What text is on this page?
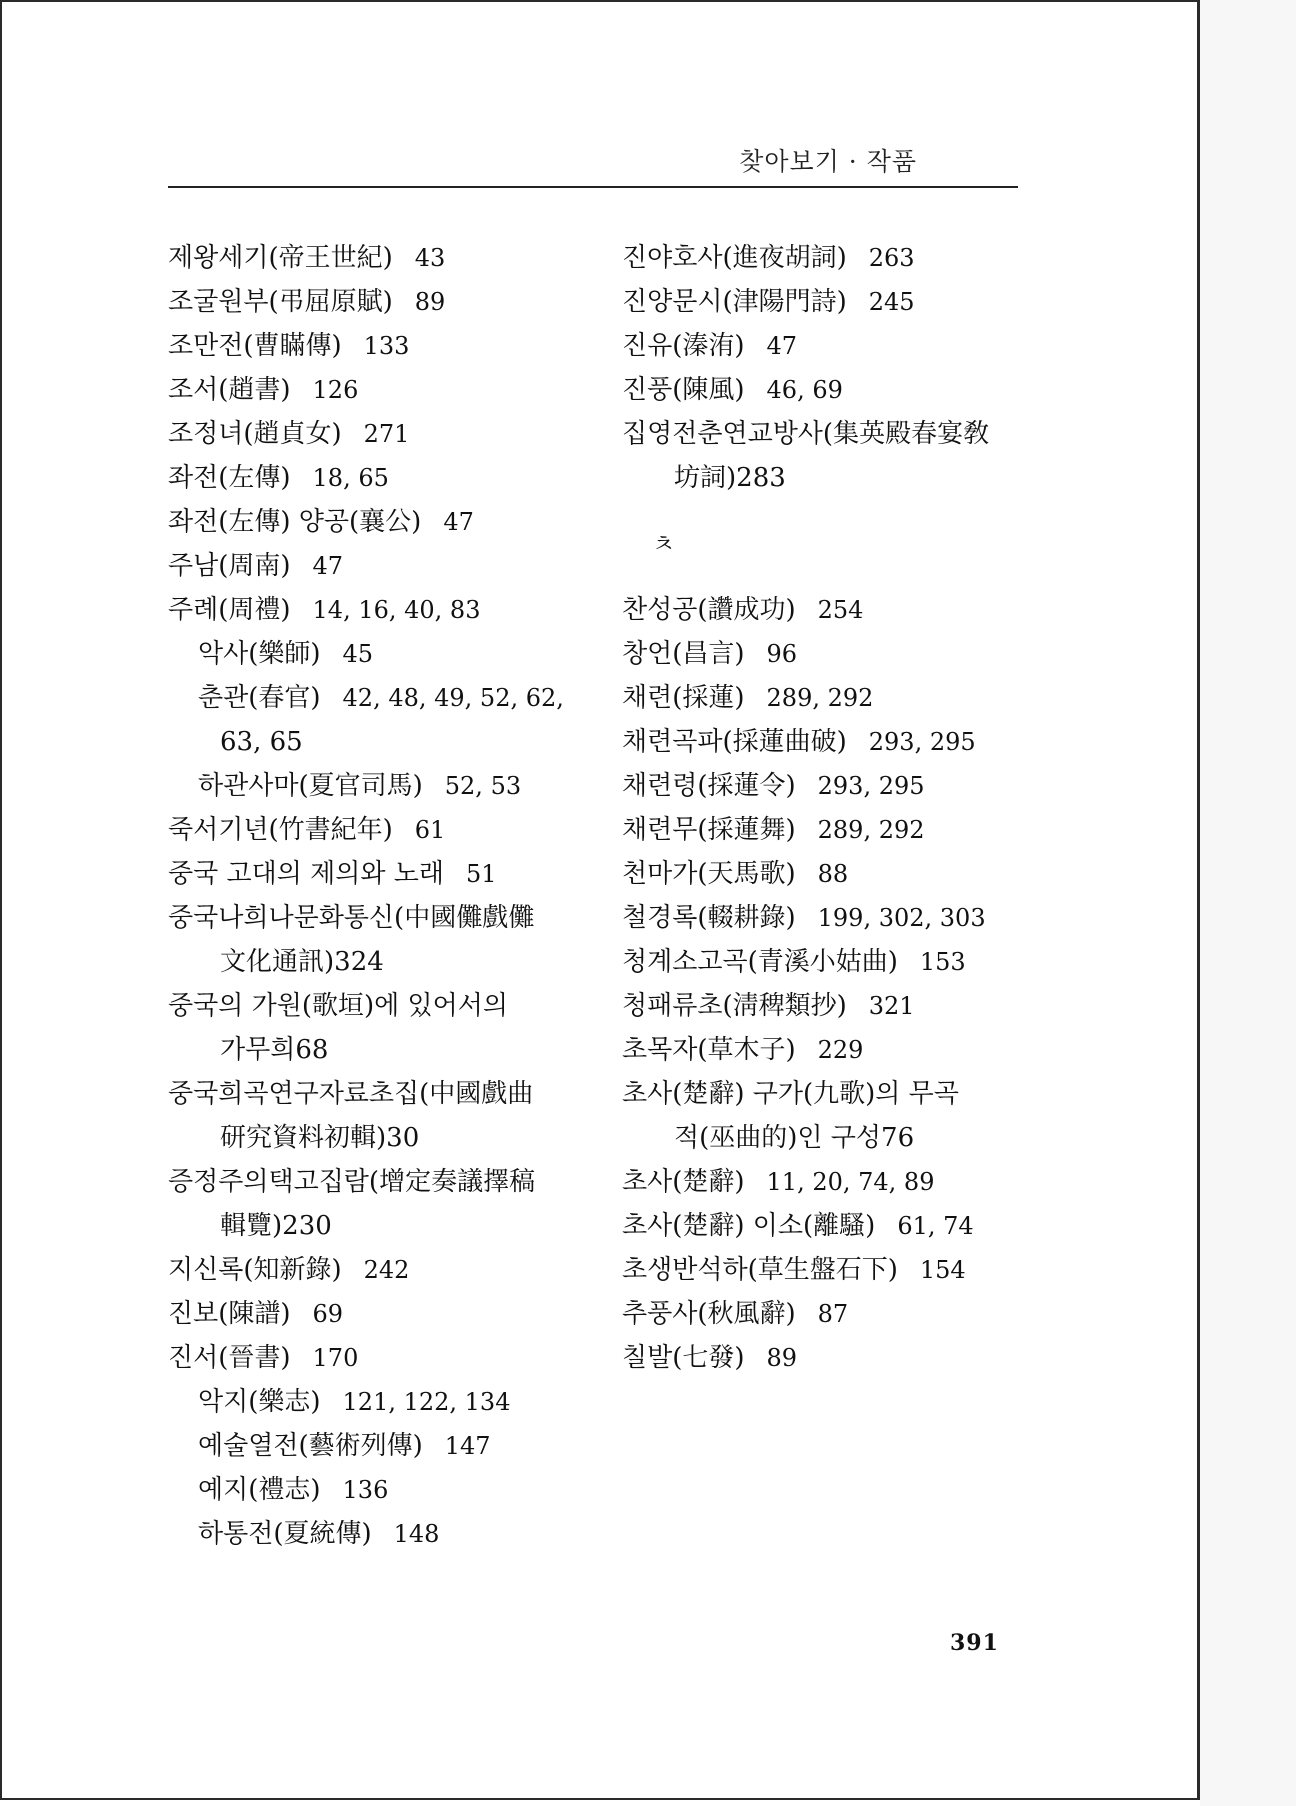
찾아보기 · 작품
제왕세기(帝王世紀) 43
조굴원부(弔屈原賦) 89
조만전(曹瞞傳) 133
조서(趙書) 126
조정녀(趙貞女) 271
좌전(左傳) 18, 65
좌전(左傳) 양공(襄公) 47
주남(周南) 47
주례(周禮) 14, 16, 40, 83
악사(樂師) 45
춘관(春官) 42, 48, 49, 52, 62,
63, 65
하관사마(夏官司馬) 52, 53
죽서기년(竹書紀年) 61
중국 고대의 제의와 노래 51
중국나희나문화통신(中國儺戲儺
文化通訊)324
중국의 가원(歌垣)에 있어서의
가무희68
중국희곡연구자료초집(中國戲曲
研究資料初輯)30
증정주의택고집람(增定奏議擇稿
輯覽)230
지신록(知新錄) 242
진보(陳譜) 69
진서(晉書) 170
악지(樂志) 121, 122, 134
예술열전(藝術列傳) 147
예지(禮志) 136
하통전(夏統傳) 148
진야호사(進夜胡詞) 263
진양문시(津陽門詩) 245
진유(溱洧) 47
진풍(陳風) 46, 69
집영전춘연교방사(集英殿春宴敎
坊詞)283
ㅊ
찬성공(讚成功) 254
창언(昌言) 96
채련(採蓮) 289, 292
채련곡파(採蓮曲破) 293, 295
채련령(採蓮令) 293, 295
채련무(採蓮舞) 289, 292
천마가(天馬歌) 88
철경록(輟耕錄) 199, 302, 303
청계소고곡(青溪小姑曲) 153
청패류초(淸稗類抄) 321
초목자(草木子) 229
초사(楚辭) 구가(九歌)의 무곡
적(巫曲的)인 구성76
초사(楚辭) 11, 20, 74, 89
초사(楚辭) 이소(離騷) 61, 74
초생반석하(草生盤石下) 154
추풍사(秋風辭) 87
칠발(七發) 89
391
